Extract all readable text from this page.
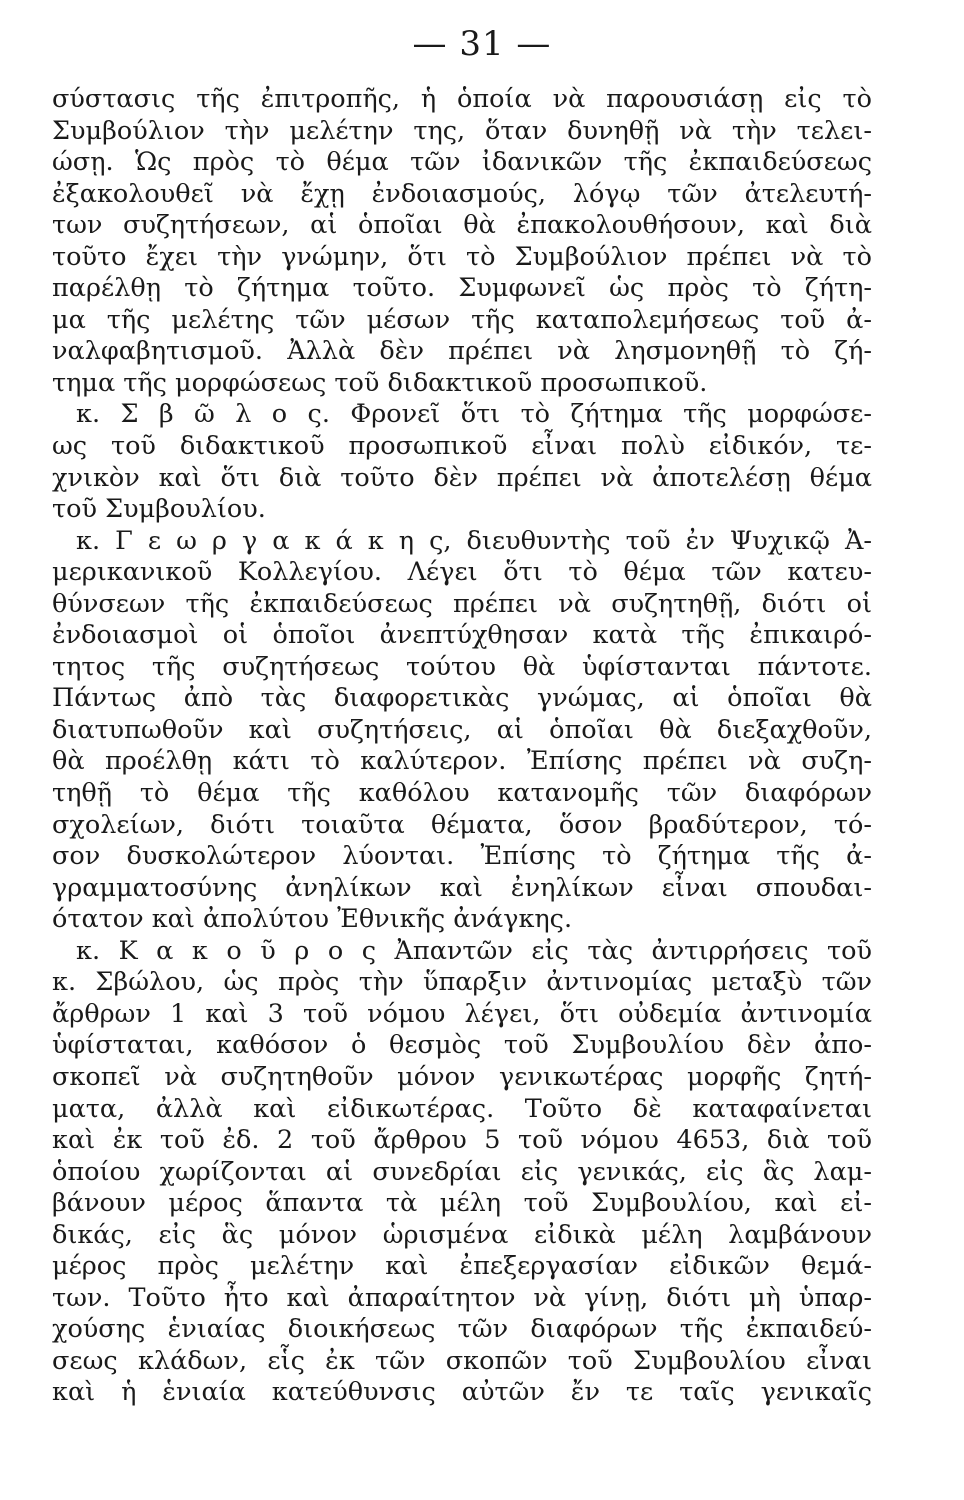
— 31 —
σύστασις τῆς ἐπιτροπῆς, ἡ ὁποία νὰ παρουσιάσῃ εἰς τὸ
Συμβούλιον τὴν μελέτην της, ὅταν δυνηθῇ νὰ τὴν τελει-
ώσῃ. Ὡς πρὸς τὸ θέμα τῶν ἰδανικῶν τῆς ἐκπαιδεύσεως
ἐξακολουθεῖ νὰ ἔχῃ ἐνδοιασμούς, λόγῳ τῶν ἀτελευτή-
των συζητήσεων, αἱ ὁποῖαι θὰ ἐπακολουθήσουν, καὶ διὰ
τοῦτο ἔχει τὴν γνώμην, ὅτι τὸ Συμβούλιον πρέπει νὰ τὸ
παρέλθῃ τὸ ζήτημα τοῦτο. Συμφωνεῖ ὡς πρὸς τὸ ζήτη-
μα τῆς μελέτης τῶν μέσων τῆς καταπολεμήσεως τοῦ ἀ-
ναλφαβητισμοῦ. Ἀλλὰ δὲν πρέπει νὰ λησμονηθῇ τὸ ζή-
τημα τῆς μορφώσεως τοῦ διδακτικοῦ προσωπικοῦ.
κ. Σ β ῶ λ ο ς. Φρονεῖ ὅτι τὸ ζήτημα τῆς μορφώσε-
ως τοῦ διδακτικοῦ προσωπικοῦ εἶναι πολὺ εἰδικόν, τε-
χνικὸν καὶ ὅτι διὰ τοῦτο δὲν πρέπει νὰ ἀποτελέσῃ θέμα
τοῦ Συμβουλίου.
κ. Γ ε ω ρ γ α κ ά κ η ς, διευθυντὴς τοῦ ἐν Ψυχικῷ Ἀ-
μερικανικοῦ Κολλεγίου. Λέγει ὅτι τὸ θέμα τῶν κατευ-
θύνσεων τῆς ἐκπαιδεύσεως πρέπει νὰ συζητηθῇ, διότι οἱ
ἐνδοιασμοὶ οἱ ὁποῖοι ἀνεπτύχθησαν κατὰ τῆς ἐπικαιρό-
τητος τῆς συζητήσεως τούτου θὰ ὑφίστανται πάντοτε.
Πάντως ἀπὸ τὰς διαφορετικὰς γνώμας, αἱ ὁποῖαι θὰ
διατυπωθοῦν καὶ συζητήσεις, αἱ ὁποῖαι θὰ διεξαχθοῦν,
θὰ προέλθῃ κάτι τὸ καλύτερον. Ἐπίσης πρέπει νὰ συζη-
τηθῇ τὸ θέμα τῆς καθόλου κατανομῆς τῶν διαφόρων
σχολείων, διότι τοιαῦτα θέματα, ὅσον βραδύτερον, τό-
σον δυσκολώτερον λύονται. Ἐπίσης τὸ ζήτημα τῆς ἀ-
γραμματοσύνης ἀνηλίκων καὶ ἐνηλίκων εἶναι σπουδαι-
ότατον καὶ ἀπολύτου Ἐθνικῆς ἀνάγκης.
κ. Κ α κ ο ῦ ρ ο ς Ἀπαντῶν εἰς τὰς ἀντιρρήσεις τοῦ
κ. Σβώλου, ὡς πρὸς τὴν ὕπαρξιν ἀντινομίας μεταξὺ τῶν
ἄρθρων 1 καὶ 3 τοῦ νόμου λέγει, ὅτι οὐδεμία ἀντινομία
ὑφίσταται, καθόσον ὁ θεσμὸς τοῦ Συμβουλίου δὲν ἀπο-
σκοπεῖ νὰ συζητηθοῦν μόνον γενικωτέρας μορφῆς ζητή-
ματα, ἀλλὰ καὶ εἰδικωτέρας. Τοῦτο δὲ καταφαίνεται
καὶ ἐκ τοῦ ἐδ. 2 τοῦ ἄρθρου 5 τοῦ νόμου 4653, διὰ τοῦ
ὁποίου χωρίζονται αἱ συνεδρίαι εἰς γενικάς, εἰς ἃς λαμ-
βάνουν μέρος ἅπαντα τὰ μέλη τοῦ Συμβουλίου, καὶ εἰ-
δικάς, εἰς ἃς μόνον ὡρισμένα εἰδικὰ μέλη λαμβάνουν
μέρος πρὸς μελέτην καὶ ἐπεξεργασίαν εἰδικῶν θεμά-
των. Τοῦτο ἦτο καὶ ἀπαραίτητον νὰ γίνῃ, διότι μὴ ὑπαρ-
χούσης ἑνιαίας διοικήσεως τῶν διαφόρων τῆς ἐκπαιδεύ-
σεως κλάδων, εἷς ἐκ τῶν σκοπῶν τοῦ Συμβουλίου εἶναι
καὶ ἡ ἑνιαία κατεύθυνσις αὐτῶν ἔν τε ταῖς γενικαῖς
